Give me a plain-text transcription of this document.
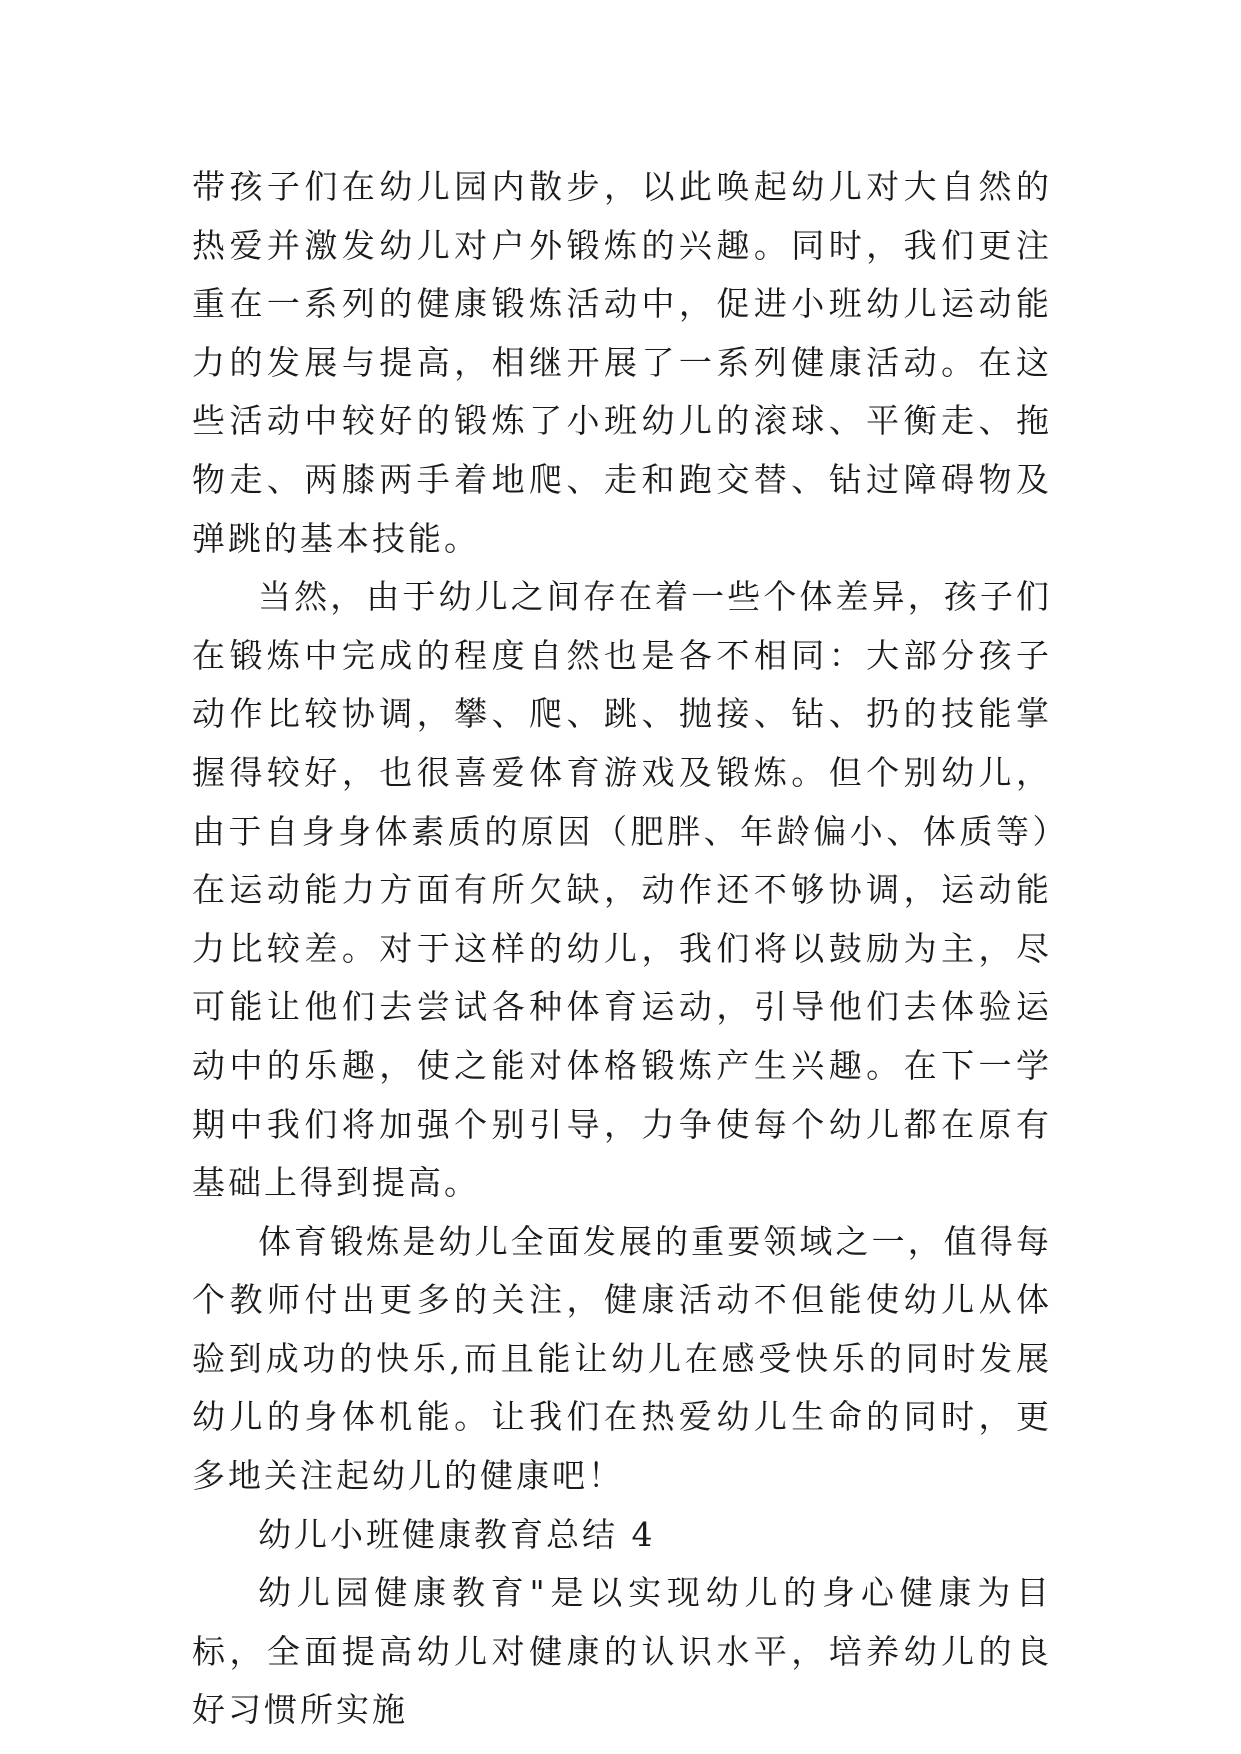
带孩子们在幼儿园内散步，以此唤起幼儿对大自然的热爱并激发幼儿对户外锻炼的兴趣。同时，我们更注重在一系列的健康锻炼活动中，促进小班幼儿运动能力的发展与提高，相继开展了一系列健康活动。在这些活动中较好的锻炼了小班幼儿的滚球、平衡走、拖物走、两膝两手着地爬、走和跑交替、钻过障碍物及弹跳的基本技能。

当然，由于幼儿之间存在着一些个体差异，孩子们在锻炼中完成的程度自然也是各不相同：大部分孩子动作比较协调，攀、爬、跳、抛接、钻、扔的技能掌握得较好，也很喜爱体育游戏及锻炼。但个别幼儿，由于自身身体素质的原因（肥胖、年龄偏小、体质等）在运动能力方面有所欠缺，动作还不够协调，运动能力比较差。对于这样的幼儿，我们将以鼓励为主，尽可能让他们去尝试各种体育运动，引导他们去体验运动中的乐趣，使之能对体格锻炼产生兴趣。在下一学期中我们将加强个别引导，力争使每个幼儿都在原有基础上得到提高。

体育锻炼是幼儿全面发展的重要领域之一，值得每个教师付出更多的关注，健康活动不但能使幼儿从体验到成功的快乐,而且能让幼儿在感受快乐的同时发展幼儿的身体机能。让我们在热爱幼儿生命的同时，更多地关注起幼儿的健康吧！

幼儿小班健康教育总结 4

幼儿园健康教育"是以实现幼儿的身心健康为目标，全面提高幼儿对健康的认识水平，培养幼儿的良好习惯所实施
